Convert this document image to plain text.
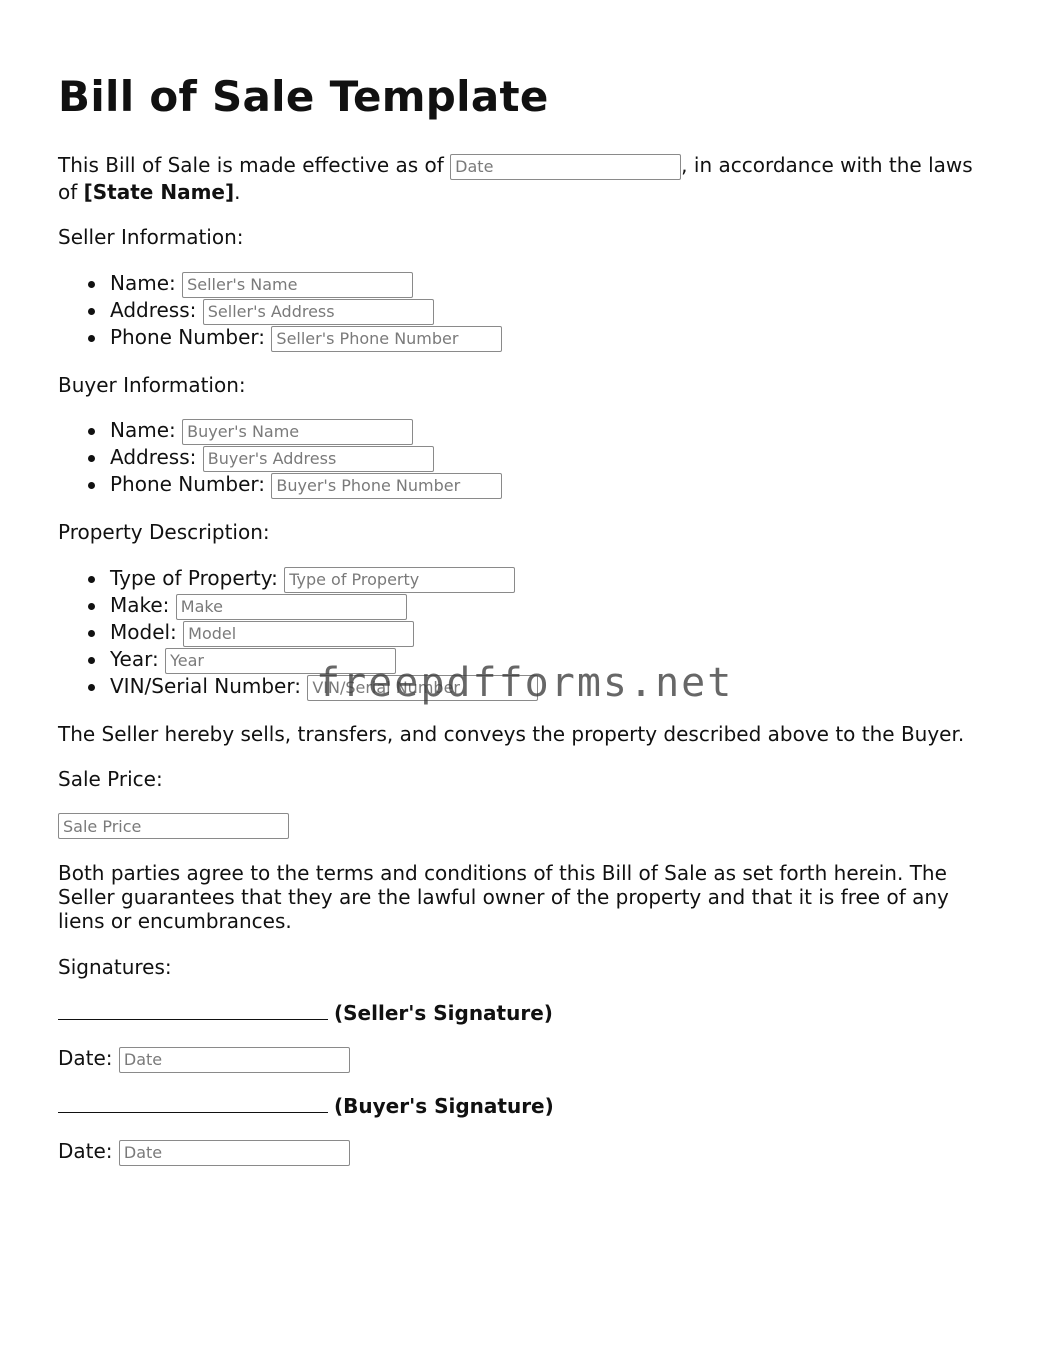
Bill of Sale Template

This Bill of Sale is made effective as of Date	, in accordance with the laws

of [State Name].

Seller Information:

Name: Seller's Name
Address: Seller's Address
Phone Number: Seller's Phone Number

Buyer Information:

Name: Buyer's Name
Address: Buyer's Address
Phone Number: Buyer's Phone Number

Property Description:

Type of Property: Type of Property
Make: Make
Model: Model
Year: Year
VIN/Serial Number: VIN/Serial Number

The Seller hereby sells, transfers, and conveys the property described above to the Buyer.

Sale Price:

Sale Price

Both parties agree to the terms and conditions of this Bill of Sale as set forth herein. The Seller guarantees that they are the lawful owner of the property and that it is free of any liens or encumbrances.

Signatures:

(Seller's Signature)

Date: Date

(Buyer's Signature)

Date: Date

freepdfforms.net
